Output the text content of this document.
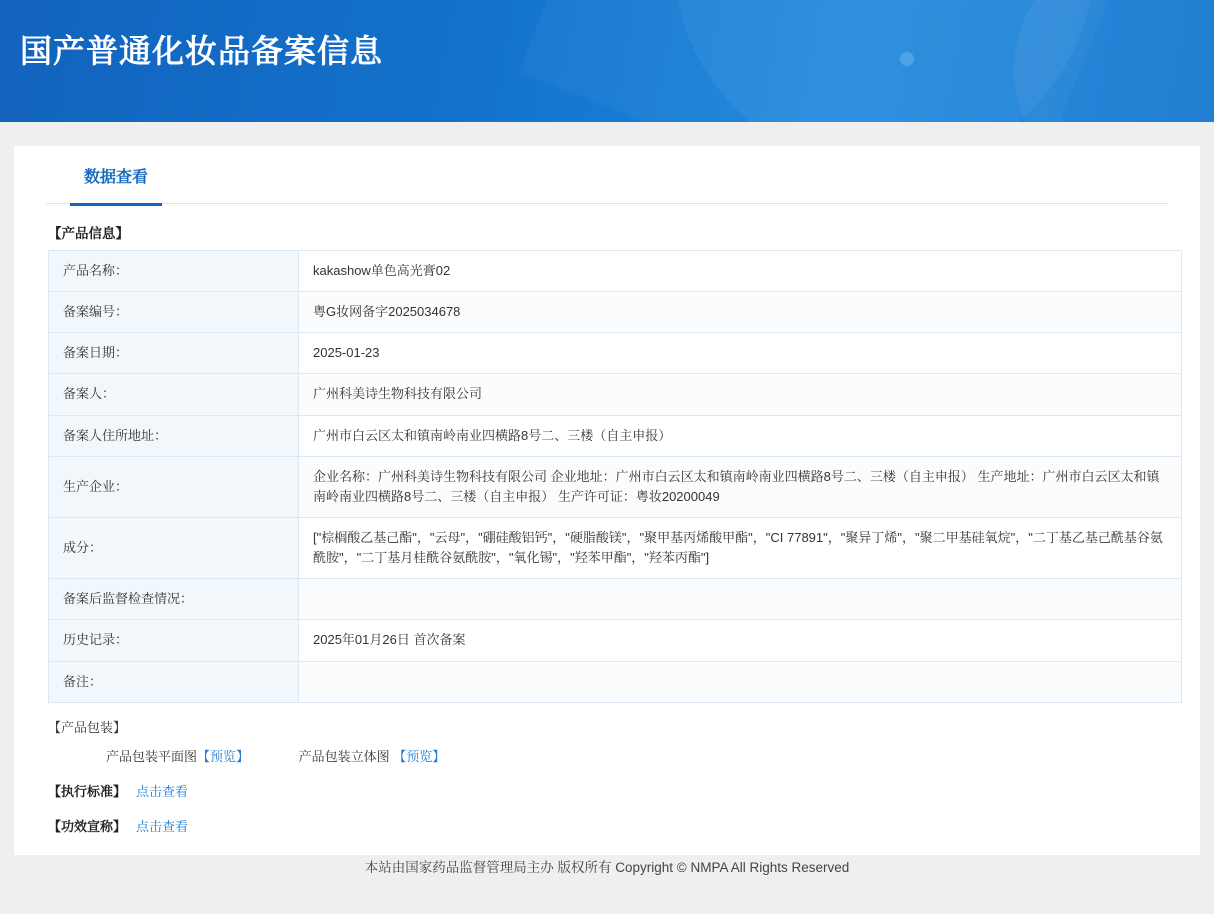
国产普通化妆品备案信息
数据查看
【产品信息】
产品名称：	kakashow单色高光膏02
备案编号：	粤G妆网备字2025034678
备案日期：	2025-01-23
备案人：	广州科美诗生物科技有限公司
备案人住所地址：	广州市白云区太和镇南岭南业四横路8号二、三楼（自主申报）
生产企业：	企业名称：广州科美诗生物科技有限公司 企业地址：广州市白云区太和镇南岭南业四横路8号二、三楼（自主申报） 生产地址：广州市白云区太和镇南岭南业四横路8号二、三楼（自主申报） 生产许可证：粤妆20200049
成分：	["棕榈酸乙基己酯"，"云母"，"硼硅酸铝钙"，"硬脂酸镁"，"聚甲基丙烯酸甲酯"，"CI 77891"，"聚异丁烯"，"聚二甲基硅氧烷"，"二丁基乙基己酰基谷氨酰胺"，"二丁基月桂酰谷氨酰胺"，"氧化锡"，"羟苯甲酯"，"羟苯丙酯"]
备案后监督检查情况：	
历史记录：	2025年01月26日 首次备案
备注：	
【产品包装】
产品包装平面图【预览】	产品包装立体图 【预览】
【执行标准】 点击查看
【功效宣称】 点击查看
本站由国家药品监督管理局主办 版权所有 Copyright © NMPA All Rights Reserved
